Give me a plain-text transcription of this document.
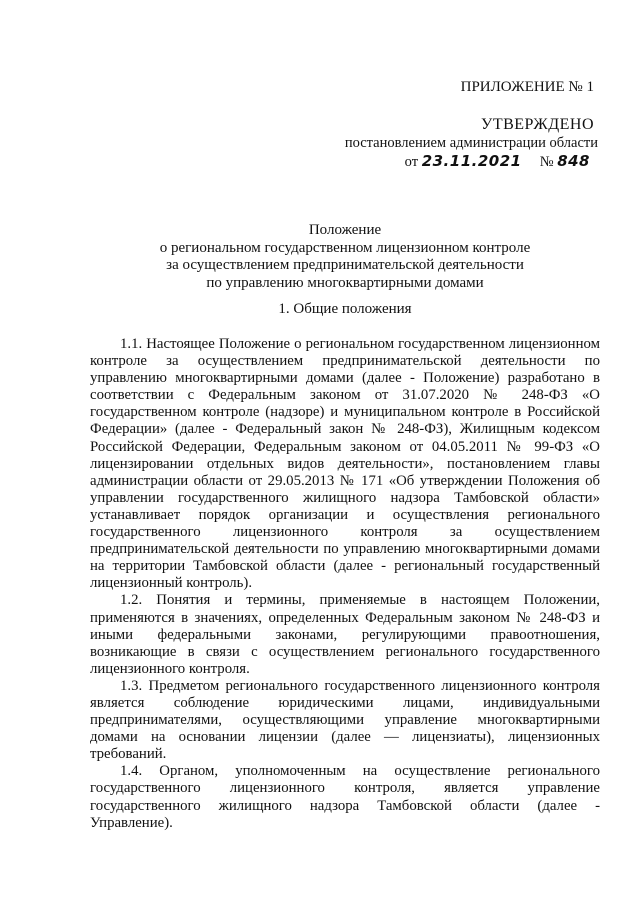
ПРИЛОЖЕНИЕ № 1
УТВЕРЖДЕНО
постановлением администрации области
от 23.11.2021 № 848
Положение
о региональном государственном лицензионном контроле
за осуществлением предпринимательской деятельности
по управлению многоквартирными домами
1. Общие положения

1.1. Настоящее Положение о региональном государственном лицензионном контроле за осуществлением предпринимательской деятельности по управлению многоквартирными домами (далее - Положение) разработано в соответствии с Федеральным законом от 31.07.2020 № 248-ФЗ «О государственном контроле (надзоре) и муниципальном контроле в Российской Федерации» (далее - Федеральный закон № 248-ФЗ), Жилищным кодексом Российской Федерации, Федеральным законом от 04.05.2011 № 99-ФЗ «О лицензировании отдельных видов деятельности», постановлением главы администрации области от 29.05.2013 № 171 «Об утверждении Положения об управлении государственного жилищного надзора Тамбовской области» устанавливает порядок организации и осуществления регионального государственного лицензионного контроля за осуществлением предпринимательской деятельности по управлению многоквартирными домами на территории Тамбовской области (далее - региональный государственный лицензионный контроль).

1.2. Понятия и термины, применяемые в настоящем Положении, применяются в значениях, определенных Федеральным законом № 248-ФЗ и иными федеральными законами, регулирующими правоотношения, возникающие в связи с осуществлением регионального государственного лицензионного контроля.

1.3. Предметом регионального государственного лицензионного контроля является соблюдение юридическими лицами, индивидуальными предпринимателями, осуществляющими управление многоквартирными домами на основании лицензии (далее — лицензиаты), лицензионных требований.

1.4. Органом, уполномоченным на осуществление регионального государственного лицензионного контроля, является управление государственного жилищного надзора Тамбовской области (далее - Управление).
